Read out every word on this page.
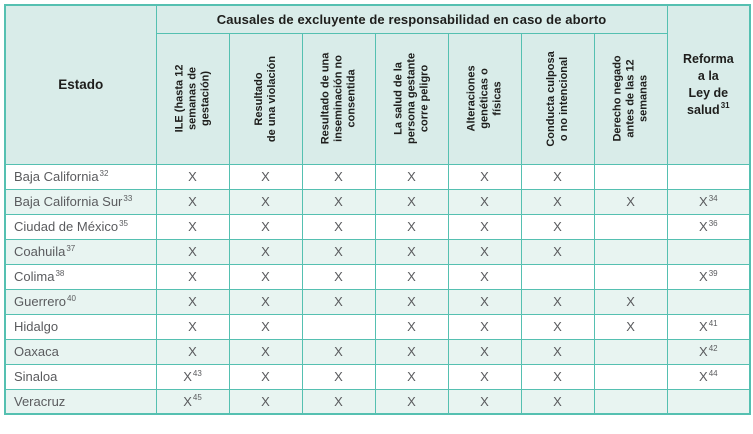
Estado	Causales de excluyente de responsabilidad en caso de aborto							Reforma
a la
Ley de
salud$^{31}$

	ILE (hasta 12
semanas de
gestación)	Resultado
de una violación	Resultado de una
inseminación no
consentida	La salud de la
persona gestante
corre peligro	Alteraciones
genéticas o
físicas	Conducta culposa
o no intencional	Derecho negado
antes de las 12
semanas	

Baja California$^{32}$	X	X	X	X	X	X		
Baja California Sur$^{33}$	X	X	X	X	X	X	X	$X^{34}$
Ciudad de México$^{35}$	X	X	X	X	X	X		$X^{36}$
Coahuila$^{37}$	X	X	X	X	X	X		
Colima$^{38}$	X	X	X	X	X			$X^{39}$
Guerrero$^{40}$	X	X	X	X	X	X	X	
Hidalgo	X	X		X	X	X	X	$X^{41}$
Oaxaca	X	X	X	X	X	X		$X^{42}$
Sinaloa	$X^{43}$	X	X	X	X	X		$X^{44}$
Veracruz	$X^{45}$	X	X	X	X	X		
